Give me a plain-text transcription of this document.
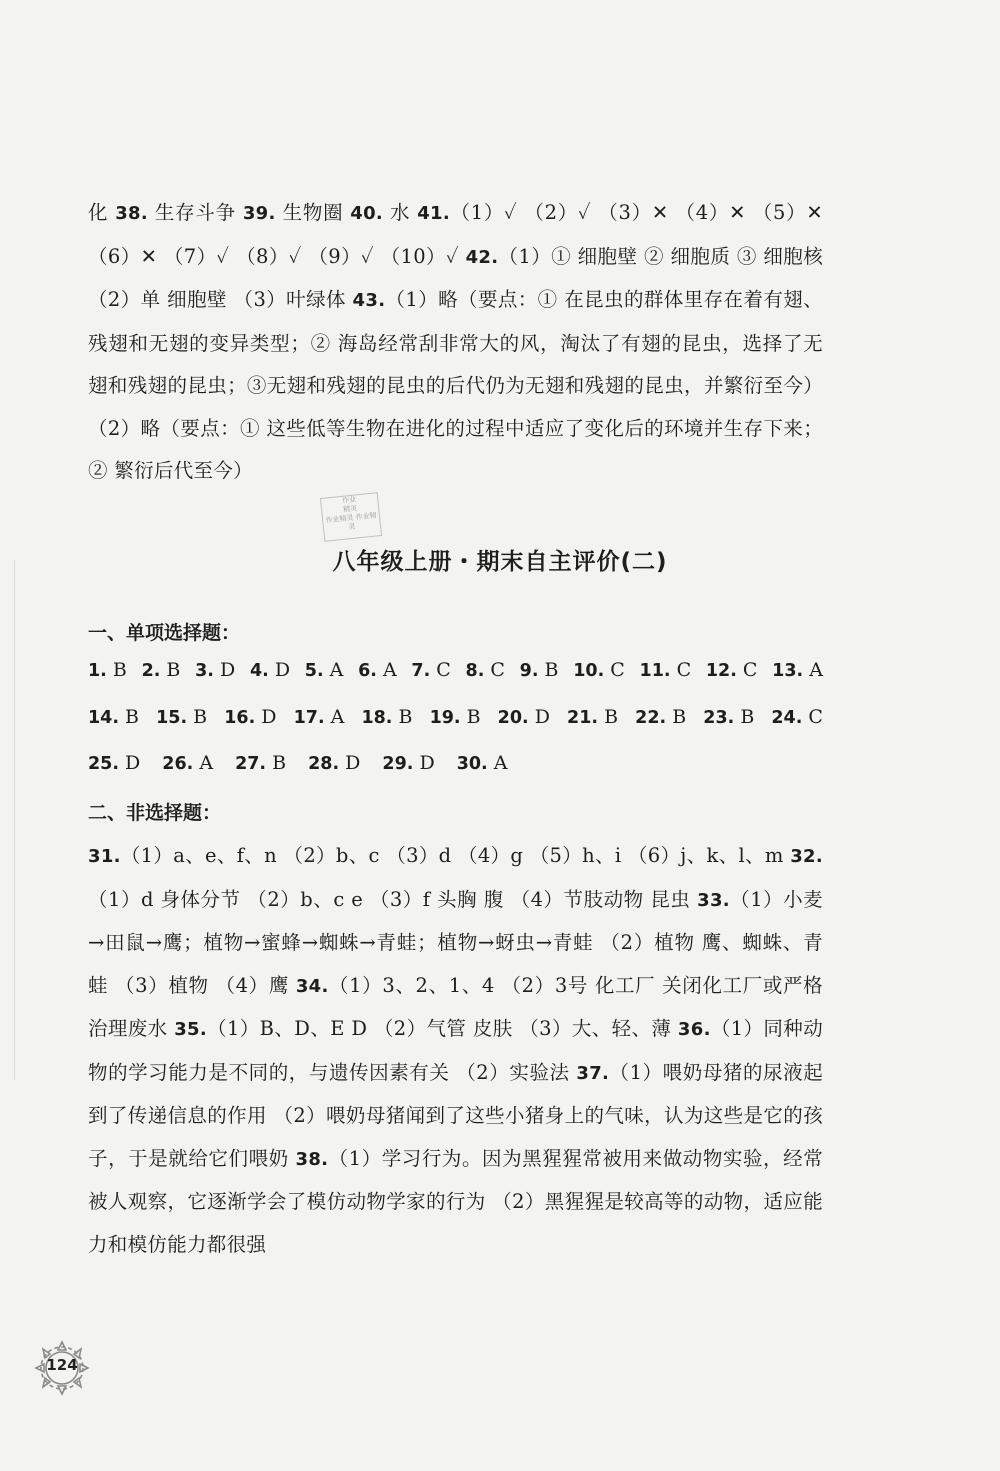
化 38. 生存斗争 39. 生物圈 40. 水 41.（1）✓ （2）✓ （3）✕ （4）✕ （5）✕ （6）✕ （7）✓ （8）✓ （9）✓ （10）✓ 42.（1）① 细胞壁 ② 细胞质 ③ 细胞核 （2）单 细胞壁 （3）叶绿体 43.（1）略（要点：① 在昆虫的群体里存在着有翅、残翅和无翅的变异类型；② 海岛经常刮非常大的风，淘汰了有翅的昆虫，选择了无翅和残翅的昆虫；③无翅和残翅的昆虫的后代仍为无翅和残翅的昆虫，并繁衍至今） （2）略（要点：① 这些低等生物在进化的过程中适应了变化后的环境并生存下来；② 繁衍后代至今）
作业
精灵
作业精灵 作业精灵
八年级上册・期末自主评价(二)
一、单项选择题：
1. B 2. B 3. D 4. D 5. A 6. A 7. C 8. C 9. B 10. C 11. C 12. C 13. A
14. B 15. B 16. D 17. A 18. B 19. B 20. D 21. B 22. B 23. B 24. C
25. D 26. A 27. B 28. D 29. D 30. A
二、非选择题：
31.（1）a、e、f、n （2）b、c （3）d （4）g （5）h、i （6）j、k、l、m 32.（1）d 身体分节 （2）b、c e （3）f 头胸 腹 （4）节肢动物 昆虫 33.（1）小麦→田鼠→鹰；植物→蜜蜂→蜘蛛→青蛙；植物→蚜虫→青蛙 （2）植物 鹰、蜘蛛、青蛙 （3）植物 （4）鹰 34.（1）3、2、1、4 （2）3号 化工厂 关闭化工厂或严格治理废水 35.（1）B、D、E D （2）气管 皮肤 （3）大、轻、薄 36.（1）同种动物的学习能力是不同的，与遗传因素有关 （2）实验法 37.（1）喂奶母猪的尿液起到了传递信息的作用 （2）喂奶母猪闻到了这些小猪身上的气味，认为这些是它的孩子，于是就给它们喂奶 38.（1）学习行为。因为黑猩猩常被用来做动物实验，经常被人观察，它逐渐学会了模仿动物学家的行为 （2）黑猩猩是较高等的动物，适应能力和模仿能力都很强
124
